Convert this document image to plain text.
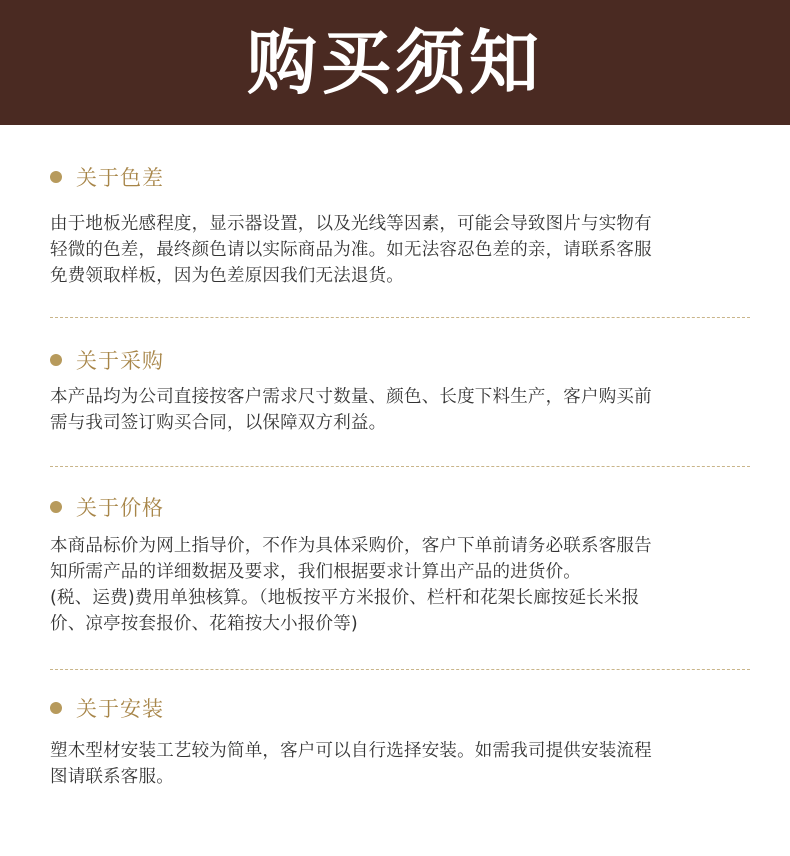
购买须知
关于色差

由于地板光感程度，显示器设置，以及光线等因素，可能会导致图片与实物有
轻微的色差，最终颜色请以实际商品为准。如无法容忍色差的亲，请联系客服
免费领取样板，因为色差原因我们无法退货。

关于采购

本产品均为公司直接按客户需求尺寸数量、颜色、长度下料生产，客户购买前
需与我司签订购买合同，以保障双方利益。

关于价格

本商品标价为网上指导价，不作为具体采购价，客户下单前请务必联系客服告
知所需产品的详细数据及要求，我们根据要求计算出产品的进货价。
(税、运费)费用单独核算。（地板按平方米报价、栏杆和花架长廊按延长米报
价、凉亭按套报价、花箱按大小报价等)

关于安装

塑木型材安装工艺较为简单，客户可以自行选择安装。如需我司提供安装流程
图请联系客服。
